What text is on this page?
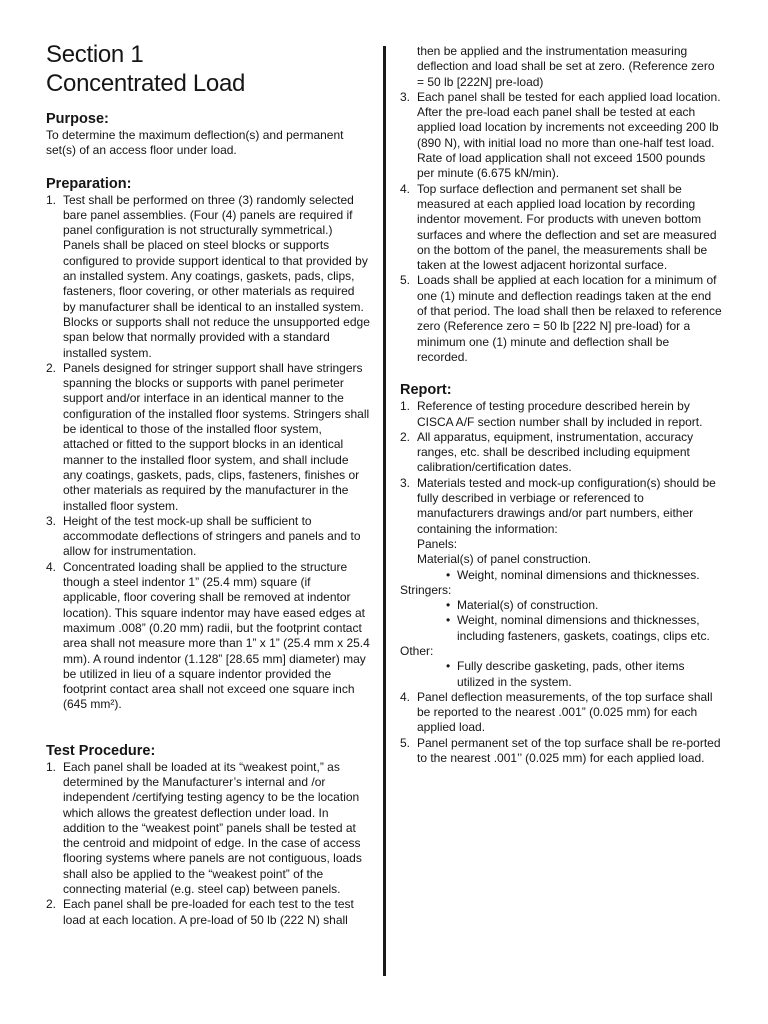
Section 1
Concentrated Load
Purpose:

To determine the maximum deflection(s) and permanent set(s) of an access floor under load.

Preparation:
1. Test shall be performed on three (3) randomly selected bare panel assemblies. (Four (4) panels are required if panel configuration is not structurally symmetrical.) Panels shall be placed on steel blocks or supports configured to provide support identical to that provided by an installed system. Any coatings, gaskets, pads, clips, fasteners, floor covering, or other materials as required by manufacturer shall be identical to an installed system. Blocks or supports shall not reduce the unsupported edge span below that normally provided with a standard installed system.
2. Panels designed for stringer support shall have stringers spanning the blocks or supports with panel perimeter support and/or interface in an identical manner to the configuration of the installed floor systems. Stringers shall be identical to those of the installed floor system, attached or fitted to the support blocks in an identical manner to the installed floor system, and shall include any coatings, gaskets, pads, clips, fasteners, finishes or other materials as required by the manufacturer in the installed floor system.
3. Height of the test mock-up shall be sufficient to accommodate deflections of stringers and panels and to allow for instrumentation.
4. Concentrated loading shall be applied to the structure though a steel indentor 1” (25.4 mm) square (if applicable, floor covering shall be removed at indentor location). This square indentor may have eased edges at maximum .008” (0.20 mm) radii, but the footprint contact area shall not measure more than 1” x 1” (25.4 mm x 25.4 mm). A round indentor (1.128” [28.65 mm] diameter) may be utilized in lieu of a square indentor provided the footprint contact area shall not exceed one square inch (645 mm²).
Test Procedure:
1. Each panel shall be loaded at its “weakest point,” as determined by the Manufacturer’s internal and /or independent /certifying testing agency to be the location which allows the greatest deflection under load. In addition to the “weakest point” panels shall be tested at the centroid and midpoint of edge. In the case of access flooring systems where panels are not contiguous, loads shall also be applied to the “weakest point” of the connecting material (e.g. steel cap) between panels.
2. Each panel shall be pre-loaded for each test to the test load at each location. A pre-load of 50 lb (222 N) shall
then be applied and the instrumentation measuring deflection and load shall be set at zero. (Reference zero = 50 lb [222N] pre-load)
3. Each panel shall be tested for each applied load location. After the pre-load each panel shall be tested at each applied load location by increments not exceeding 200 lb (890 N), with initial load no more than one-half test load. Rate of load application shall not exceed 1500 pounds per minute (6.675 kN/min).
4. Top surface deflection and permanent set shall be measured at each applied load location by recording indentor movement. For products with uneven bottom surfaces and where the deflection and set are measured on the bottom of the panel, the measurements shall be taken at the lowest adjacent horizontal surface.
5. Loads shall be applied at each location for a minimum of one (1) minute and deflection readings taken at the end of that period. The load shall then be relaxed to reference zero (Reference zero = 50 lb [222 N] pre-load) for a minimum one (1) minute and deflection shall be recorded.
Report:
1. Reference of testing procedure described herein by CISCA A/F section number shall by included in report.
2. All apparatus, equipment, instrumentation, accuracy ranges, etc. shall be described including equipment calibration/certification dates.
3. Materials tested and mock-up configuration(s) should be fully described in verbiage or referenced to manufacturers drawings and/or part numbers, either containing the information:
Panels:
Material(s) of panel construction.
• Weight, nominal dimensions and thicknesses.
Stringers:
• Material(s) of construction.
• Weight, nominal dimensions and thicknesses, including fasteners, gaskets, coatings, clips etc.
Other:
• Fully describe gasketing, pads, other items utilized in the system.
4. Panel deflection measurements, of the top surface shall be reported to the nearest .001” (0.025 mm) for each applied load.
5. Panel permanent set of the top surface shall be re-ported to the nearest .001’’ (0.025 mm) for each applied load.
